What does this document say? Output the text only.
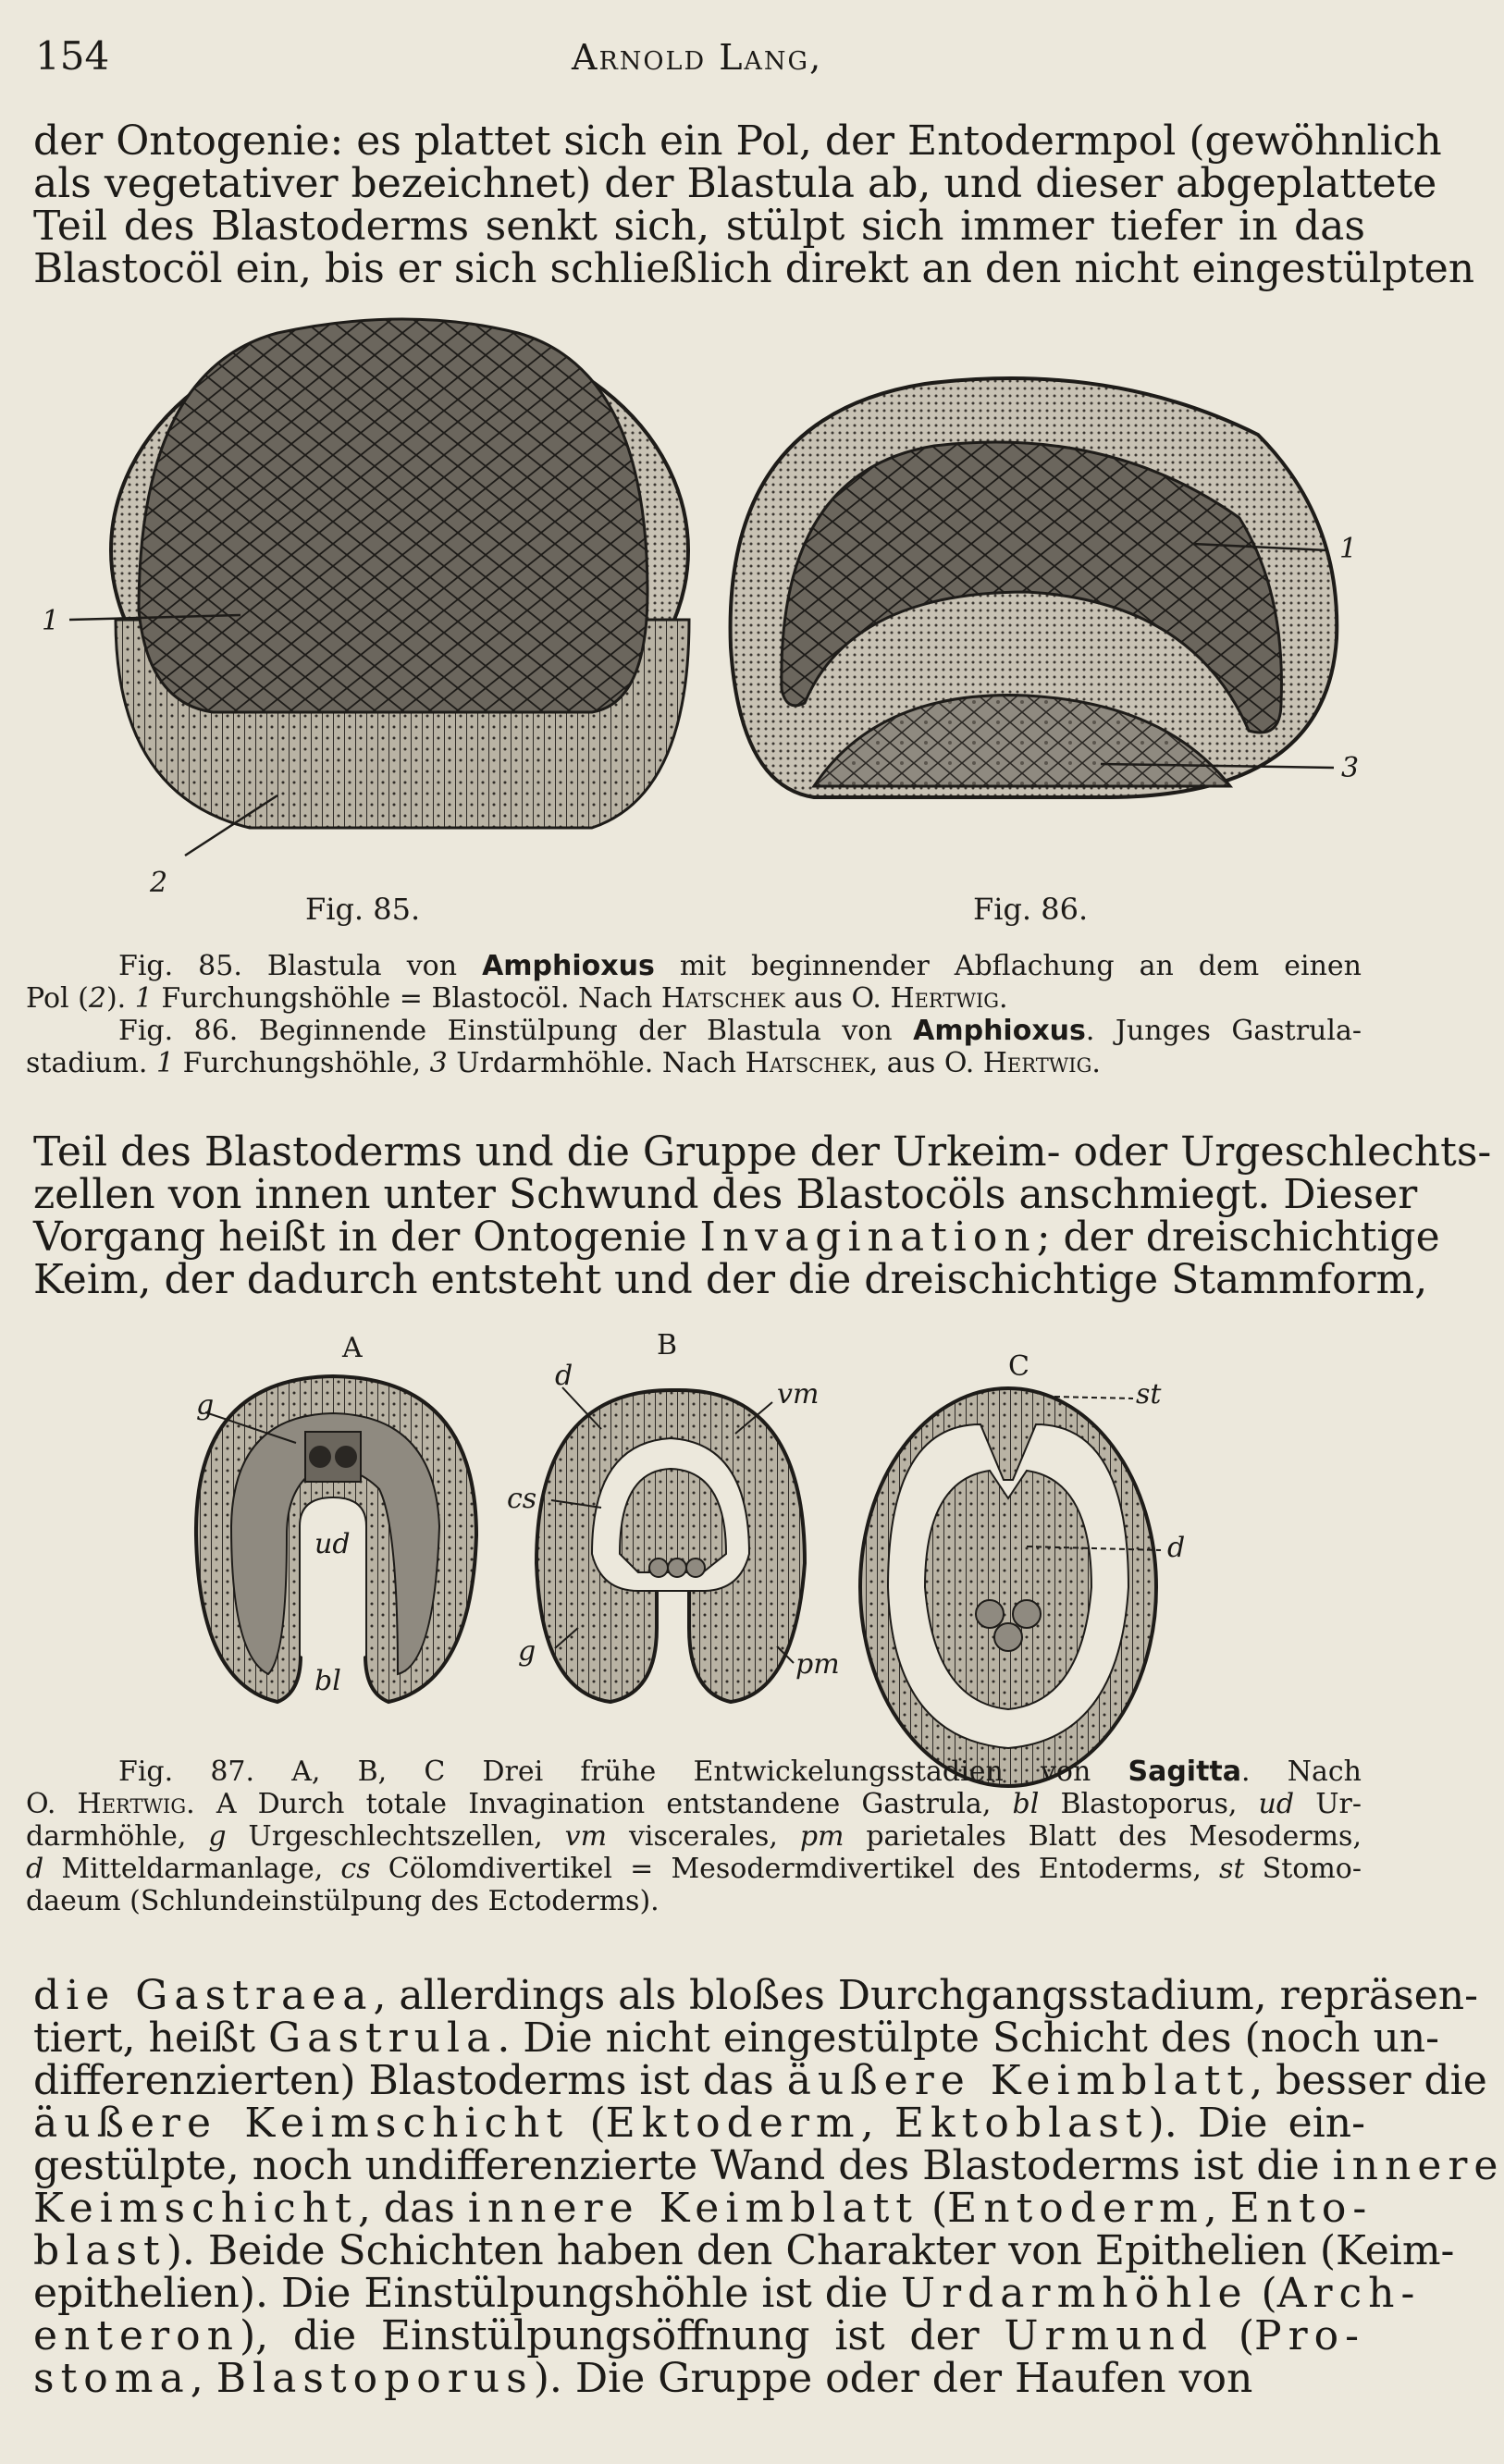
154	Arnold Lang,
der Ontogenie: es plattet sich ein Pol, der Entodermpol (gewöhnlich
als vegetativer bezeichnet) der Blastula ab, und dieser abgeplattete
Teil des Blastoderms senkt sich, stülpt sich immer tiefer in das
Blastocöl ein, bis er sich schließlich direkt an den nicht eingestülpten
1
2
1
3
Fig. 85.	Fig. 86.
Fig. 85. Blastula von Amphioxus mit beginnender Abflachung an dem einen
Pol (2). 1 Furchungshöhle = Blastocöl. Nach Hatschek aus O. Hertwig.
Fig. 86. Beginnende Einstülpung der Blastula von Amphioxus. Junges Gastrula-
stadium. 1 Furchungshöhle, 3 Urdarmhöhle. Nach Hatschek, aus O. Hertwig.
Teil des Blastoderms und die Gruppe der Urkeim- oder Urgeschlechts-
zellen von innen unter Schwund des Blastocöls anschmiegt. Dieser
Vorgang heißt in der Ontogenie Invagination; der dreischichtige
Keim, der dadurch entsteht und der die dreischichtige Stammform,
A	B
C
g
ud
bl
d
vm
cs
g	pm
st
d
Fig. 87. A, B, C Drei frühe Entwickelungsstadien von Sagitta. Nach
O. Hertwig. A Durch totale Invagination entstandene Gastrula, bl Blastoporus, ud Ur-
darmhöhle, g Urgeschlechtszellen, vm viscerales, pm parietales Blatt des Mesoderms,
d Mitteldarmanlage, cs Cölomdivertikel = Mesodermdivertikel des Entoderms, st Stomo-
daeum (Schlundeinstülpung des Ectoderms).
die Gastraea, allerdings als bloßes Durchgangsstadium, repräsen-
tiert, heißt Gastrula. Die nicht eingestülpte Schicht des (noch un-
differenzierten) Blastoderms ist das äußere Keimblatt, besser die
äußere Keimschicht (Ektoderm, Ektoblast). Die ein-
gestülpte, noch undifferenzierte Wand des Blastoderms ist die innere
Keimschicht, das innere Keimblatt (Entoderm, Ento-
blast). Beide Schichten haben den Charakter von Epithelien (Keim-
epithelien). Die Einstülpungshöhle ist die Urdarmhöhle (Arch-
enteron), die Einstülpungsöffnung ist der Urmund (Pro-
stoma, Blastoporus). Die Gruppe oder der Haufen von
